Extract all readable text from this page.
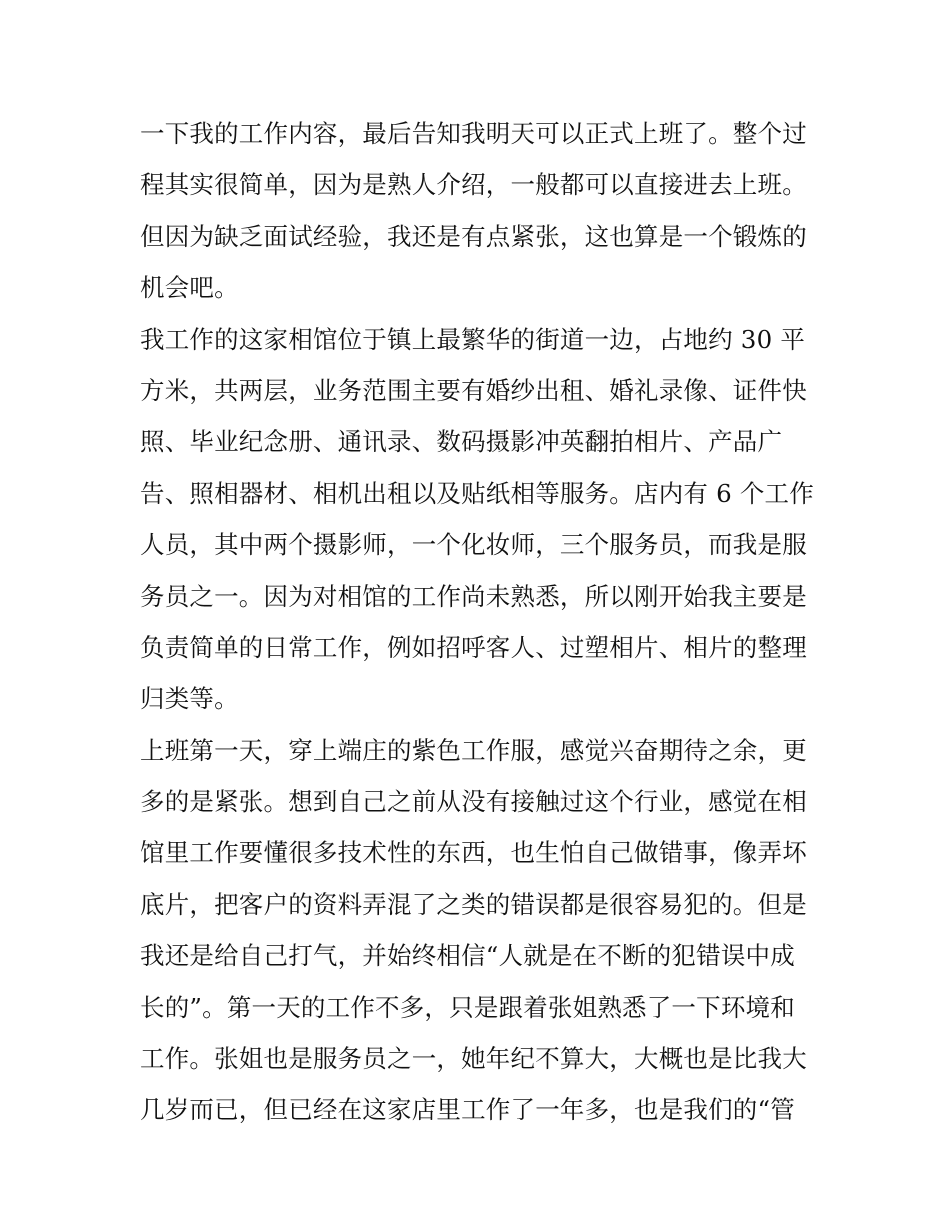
一下我的工作内容，最后告知我明天可以正式上班了。整个过
程其实很简单，因为是熟人介绍，一般都可以直接进去上班。
但因为缺乏面试经验，我还是有点紧张，这也算是一个锻炼的
机会吧。
我工作的这家相馆位于镇上最繁华的街道一边，占地约 30 平
方米，共两层，业务范围主要有婚纱出租、婚礼录像、证件快
照、毕业纪念册、通讯录、数码摄影冲英翻拍相片、产品广
告、照相器材、相机出租以及贴纸相等服务。店内有 6 个工作
人员，其中两个摄影师，一个化妆师，三个服务员，而我是服
务员之一。因为对相馆的工作尚未熟悉，所以刚开始我主要是
负责简单的日常工作，例如招呼客人、过塑相片、相片的整理
归类等。
上班第一天，穿上端庄的紫色工作服，感觉兴奋期待之余，更
多的是紧张。想到自己之前从没有接触过这个行业，感觉在相
馆里工作要懂很多技术性的东西，也生怕自己做错事，像弄坏
底片，把客户的资料弄混了之类的错误都是很容易犯的。但是
我还是给自己打气，并始终相信“人就是在不断的犯错误中成
长的”。第一天的工作不多，只是跟着张姐熟悉了一下环境和
工作。张姐也是服务员之一，她年纪不算大，大概也是比我大
几岁而已，但已经在这家店里工作了一年多，也是我们的“管
